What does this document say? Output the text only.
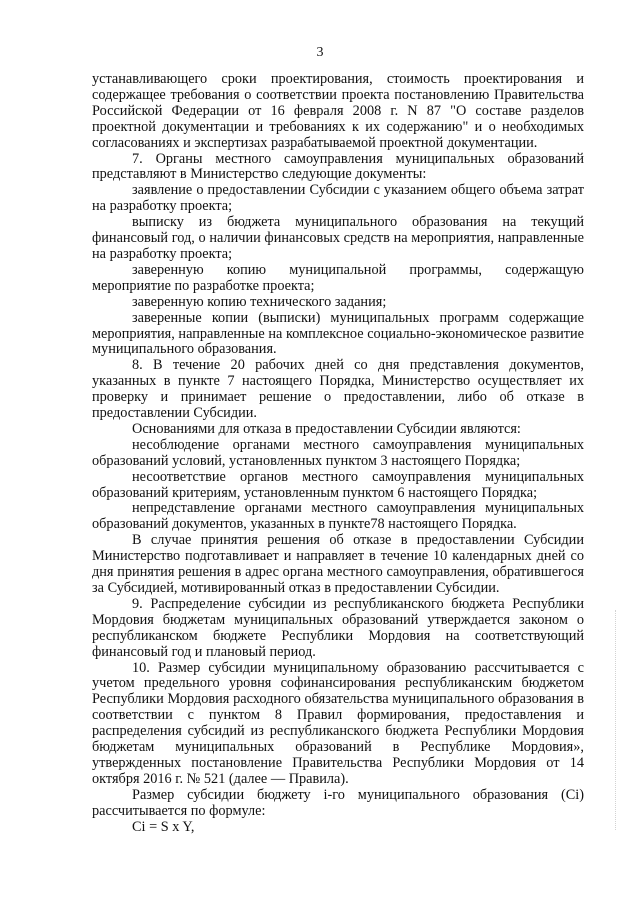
3

устанавливающего сроки проектирования, стоимость проектирования и содержащее требования о соответствии проекта постановлению Правительства Российской Федерации от 16 февраля 2008 г. N 87 "О составе разделов проектной документации и требованиях к их содержанию" и о необходимых согласованиях и экспертизах разрабатываемой проектной документации.

7. Органы местного самоуправления муниципальных образований представляют в Министерство следующие документы:

заявление о предоставлении Субсидии с указанием общего объема затрат на разработку проекта;

выписку из бюджета муниципального образования на текущий финансовый год, о наличии финансовых средств на мероприятия, направленные на разработку проекта;

заверенную копию муниципальной программы, содержащую мероприятие по разработке проекта;

заверенную копию технического задания;

заверенные копии (выписки) муниципальных программ содержащие мероприятия, направленные на комплексное социально-экономическое развитие муниципального образования.

8. В течение 20 рабочих дней со дня представления документов, указанных в пункте 7 настоящего Порядка, Министерство осуществляет их проверку и принимает решение о предоставлении, либо об отказе в предоставлении Субсидии.

Основаниями для отказа в предоставлении Субсидии являются:

несоблюдение органами местного самоуправления муниципальных образований условий, установленных пунктом 3 настоящего Порядка;

несоответствие органов местного самоуправления муниципальных образований критериям, установленным пунктом 6 настоящего Порядка;

непредставление органами местного самоуправления муниципальных образований документов, указанных в пункте78 настоящего Порядка.

В случае принятия решения об отказе в предоставлении Субсидии Министерство подготавливает и направляет в течение 10 календарных дней со дня принятия решения в адрес органа местного самоуправления, обратившегося за Субсидией, мотивированный отказ в предоставлении Субсидии.

9. Распределение субсидии из республиканского бюджета Республики Мордовия бюджетам муниципальных образований утверждается законом о республиканском бюджете Республики Мордовия на соответствующий финансовый год и плановый период.

10. Размер субсидии муниципальному образованию рассчитывается с учетом предельного уровня софинансирования республиканским бюджетом Республики Мордовия расходного обязательства муниципального образования в соответствии с пунктом 8 Правил формирования, предоставления и распределения субсидий из республиканского бюджета Республики Мордовия бюджетам муниципальных образований в Республике Мордовия», утвержденных постановление Правительства Республики Мордовия от 14 октября 2016 г. № 521 (далее — Правила).

Размер субсидии бюджету i-го муниципального образования (Ci) рассчитывается по формуле:

Ci = S x Y,
